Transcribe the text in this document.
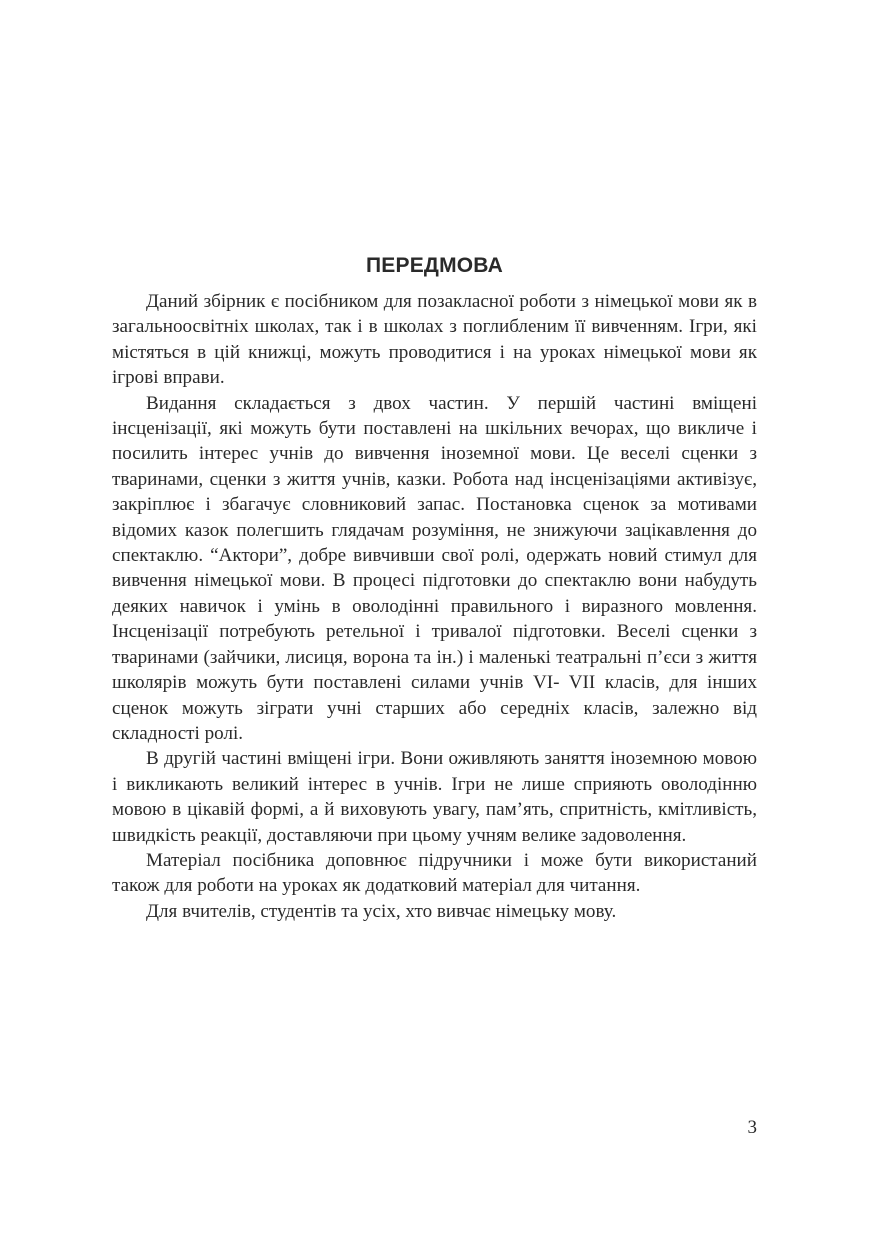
ПЕРЕДМОВА

Даний збірник є посібником для позакласної роботи з німецької мови як в загальноосвітніх школах, так і в школах з поглибленим її вивченням. Ігри, які містяться в цій книжці, можуть проводитися і на уроках німецької мови як ігрові вправи.

Видання складається з двох частин. У першій частині вміщені інсценізації, які можуть бути поставлені на шкільних вечорах, що викличе і посилить інтерес учнів до вивчення іноземної мови. Це веселі сценки з тваринами, сценки з життя учнів, казки. Робота над інсценізаціями активізує, закріплює і збагачує словниковий запас. Постановка сценок за мотивами відомих казок полегшить глядачам розуміння, не знижуючи зацікавлення до спектаклю. “Актори”, добре вивчивши свої ролі, одержать новий стимул для вивчення німецької мови. В процесі підготовки до спектаклю вони набудуть деяких навичок і умінь в оволодінні правильного і виразного мовлення. Інсценізації потребують ретельної і тривалої підготовки. Веселі сценки з тваринами (зайчики, лисиця, ворона та ін.) і маленькі театральні п’єси з життя школярів можуть бути поставлені силами учнів VI- VII класів, для інших сценок можуть зіграти учні старших або середніх класів, залежно від складності ролі.

В другій частині вміщені ігри. Вони оживляють заняття іноземною мовою і викликають великий інтерес в учнів. Ігри не лише сприяють оволодінню мовою в цікавій формі, а й виховують увагу, пам’ять, спритність, кмітливість, швидкість реакції, доставляючи при цьому учням велике задоволення.

Матеріал посібника доповнює підручники і може бути використаний також для роботи на уроках як додатковий матеріал для читання.

Для вчителів, студентів та усіх, хто вивчає німецьку мову.

3
